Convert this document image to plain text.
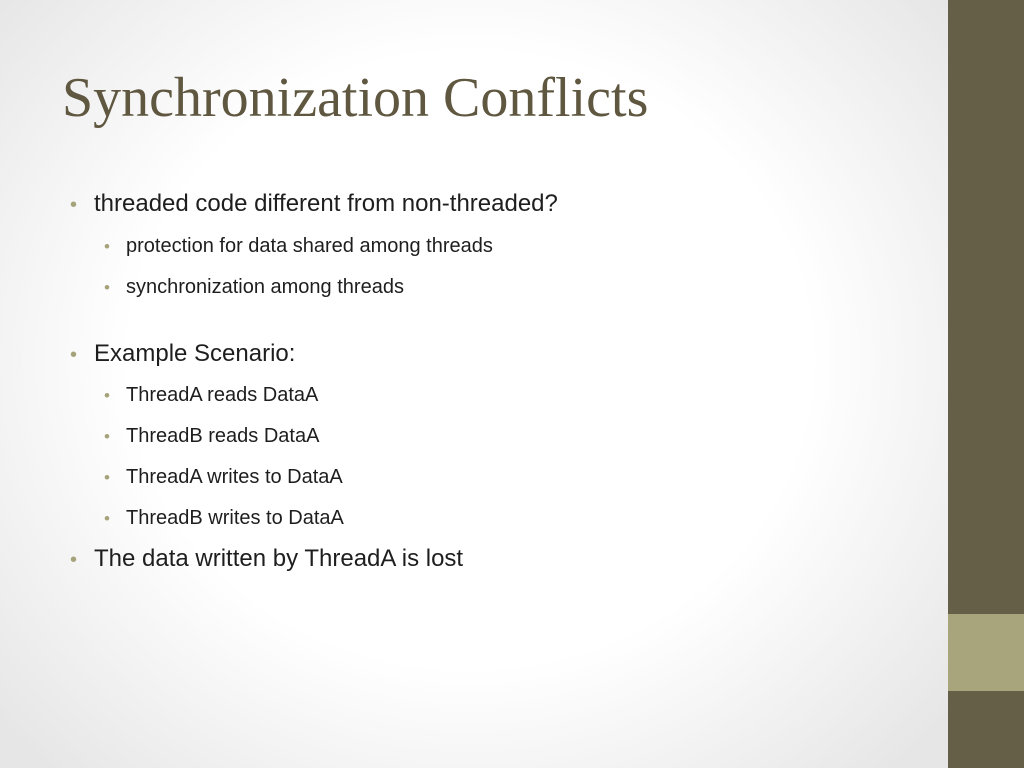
Synchronization Conflicts
• threaded code different from non-threaded?
• protection for data shared among threads
• synchronization among threads
• Example Scenario:
• ThreadA reads DataA
• ThreadB reads DataA
• ThreadA writes to DataA
• ThreadB writes to DataA
• The data written by ThreadA is lost
